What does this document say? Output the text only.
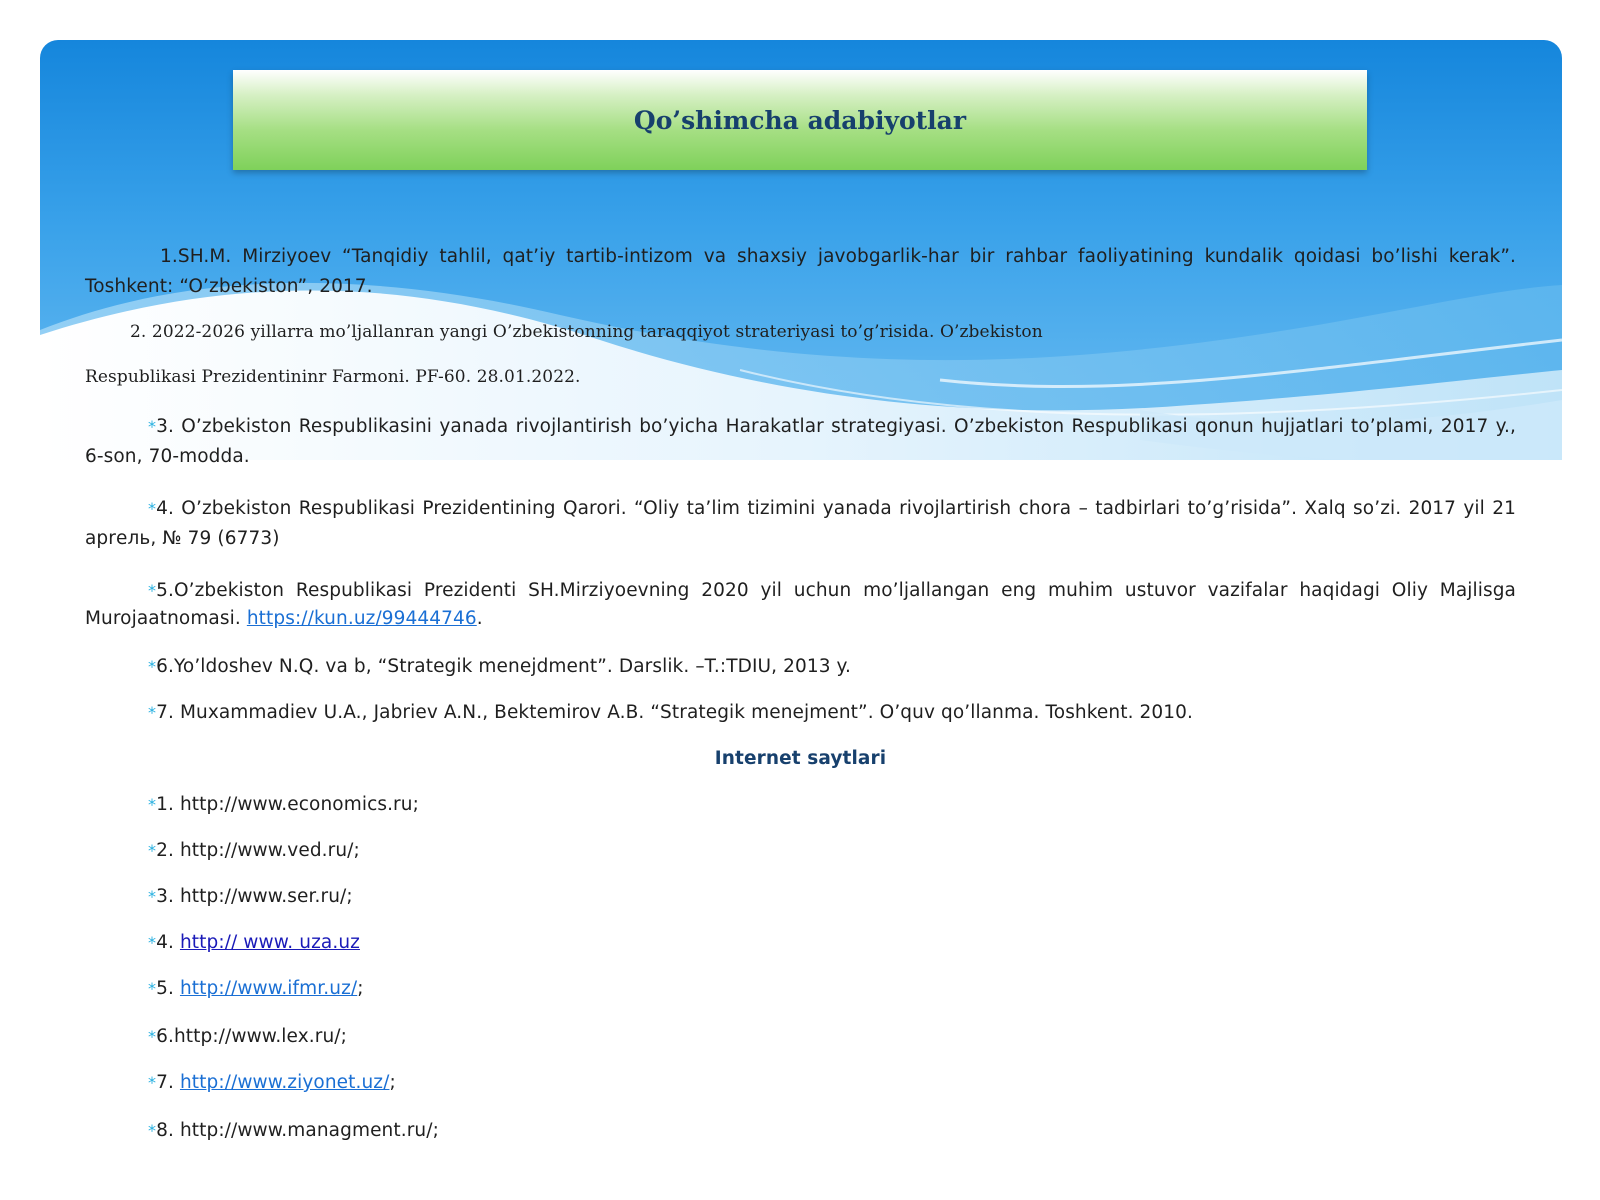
Qo’shimcha adabiyotlar
1.SH.M. Mirziyoev “Tanqidiy tahlil, qat’iy tartib-intizom va shaxsiy javobgarlik-har bir rahbar faoliyatining kundalik qoidasi bo’lishi kerak”. Toshkent: “O’zbekiston”, 2017.
2. 2022-2026 yillarra mo’ljallanran yangi O’zbekistonning taraqqiyot strateriyasi to’g’risida. O’zbekiston
Respublikasi Prezidentininr Farmoni. PF-60. 28.01.2022.
*3. O’zbekiston Respublikasini yanada rivojlantirish bo’yicha Harakatlar strategiyasi. O’zbekiston Respublikasi qonun hujjatlari to’plami, 2017 y., 6-son, 70-modda.
*4. O’zbekiston Respublikasi Prezidentining Qarori. “Oliy ta’lim tizimini yanada rivojlartirish chora – tadbirlari to’g’risida”. Xalq so’zi. 2017 yil 21 aprель, № 79 (6773)
*5.O’zbekiston Respublikasi Prezidenti SH.Mirziyoevning 2020 yil uchun mo’ljallangan eng muhim ustuvor vazifalar haqidagi Oliy Majlisga Murojaatnomasi. https://kun.uz/99444746.
*6.Yo’ldoshev N.Q. va b, “Strategik menejdment”. Darslik. –T.:TDIU, 2013 y.
*7. Muxammadiev U.A., Jabriev A.N., Bektemirov A.B. “Strategik menejment”. O’quv qo’llanma. Toshkent. 2010.
Internet saytlari
*1. http://www.economics.ru;
*2. http://www.ved.ru/;
*3. http://www.ser.ru/;
*4. http:// www. uza.uz
*5. http://www.ifmr.uz/;
*6.http://www.lex.ru/;
*7. http://www.ziyonet.uz/;
*8. http://www.managment.ru/;
